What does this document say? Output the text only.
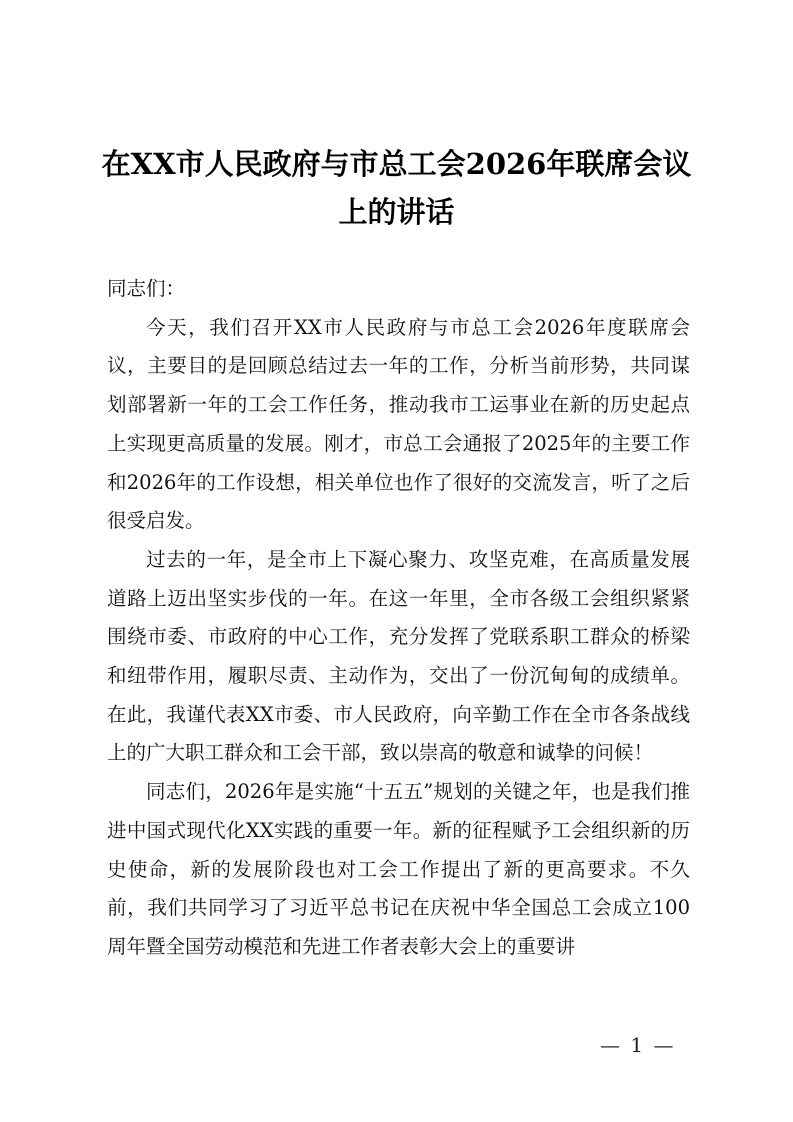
在XX市人民政府与市总工会2026年联席会议
上的讲话

同志们：

今天，我们召开XX市人民政府与市总工会2026年度联席会议，主要目的是回顾总结过去一年的工作，分析当前形势，共同谋划部署新一年的工会工作任务，推动我市工运事业在新的历史起点上实现更高质量的发展。刚才，市总工会通报了2025年的主要工作和2026年的工作设想，相关单位也作了很好的交流发言，听了之后很受启发。

过去的一年，是全市上下凝心聚力、攻坚克难，在高质量发展道路上迈出坚实步伐的一年。在这一年里，全市各级工会组织紧紧围绕市委、市政府的中心工作，充分发挥了党联系职工群众的桥梁和纽带作用，履职尽责、主动作为，交出了一份沉甸甸的成绩单。在此，我谨代表XX市委、市人民政府，向辛勤工作在全市各条战线上的广大职工群众和工会干部，致以崇高的敬意和诚挚的问候！

同志们，2026年是实施“十五五”规划的关键之年，也是我们推进中国式现代化XX实践的重要一年。新的征程赋予工会组织新的历史使命，新的发展阶段也对工会工作提出了新的更高要求。不久前，我们共同学习了习近平总书记在庆祝中华全国总工会成立100周年暨全国劳动模范和先进工作者表彰大会上的重要讲

— 1 —
